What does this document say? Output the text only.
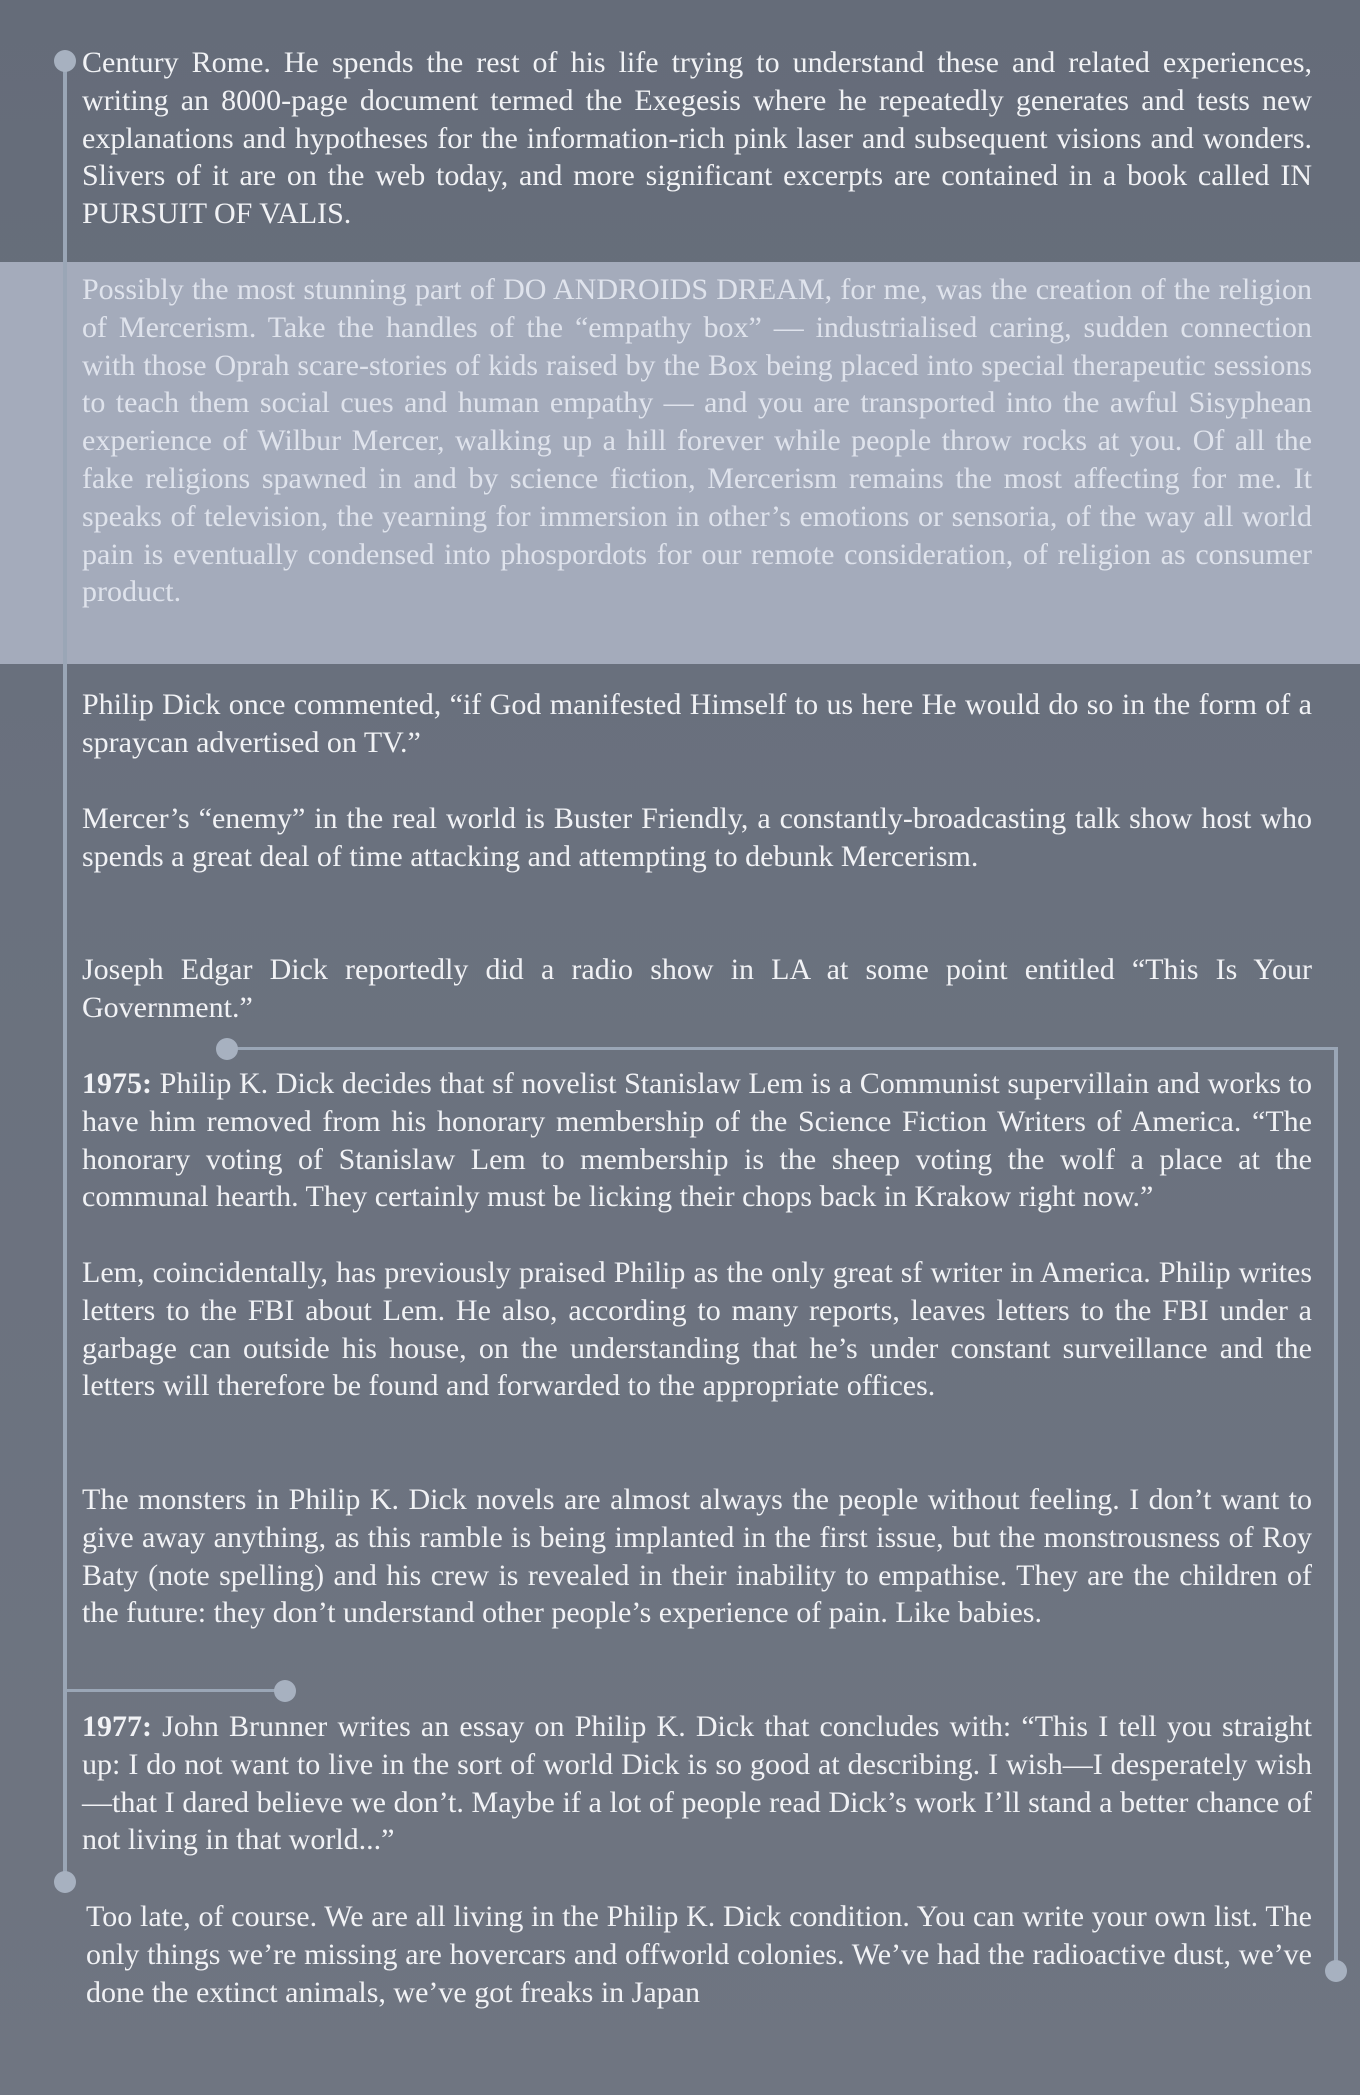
Century Rome. He spends the rest of his life trying to understand these and related experiences, writing an 8000-page document termed the Exegesis where he repeatedly generates and tests new explanations and hypotheses for the information-rich pink laser and subsequent visions and wonders. Slivers of it are on the web today, and more significant excerpts are contained in a book called IN PURSUIT OF VALIS.

Possibly the most stunning part of DO ANDROIDS DREAM, for me, was the creation of the religion of Mercerism. Take the handles of the “empathy box” — industrialised caring, sudden connection with those Oprah scare-stories of kids raised by the Box being placed into special therapeutic sessions to teach them social cues and human empathy — and you are transported into the awful Sisyphean experience of Wilbur Mercer, walking up a hill forever while people throw rocks at you. Of all the fake religions spawned in and by science fiction, Mercerism remains the most affecting for me. It speaks of television, the yearning for immersion in other’s emotions or sensoria, of the way all world pain is eventually condensed into phospordots for our remote consideration, of religion as consumer product.

Philip Dick once commented, “if God manifested Himself to us here He would do so in the form of a spraycan advertised on TV.”

Mercer’s “enemy” in the real world is Buster Friendly, a constantly-broadcasting talk show host who spends a great deal of time attacking and attempting to debunk Mercerism.

Joseph Edgar Dick reportedly did a radio show in LA at some point entitled “This Is Your Government.”

1975: Philip K. Dick decides that sf novelist Stanislaw Lem is a Communist supervillain and works to have him removed from his honorary membership of the Science Fiction Writers of America. “The honorary voting of Stanislaw Lem to membership is the sheep voting the wolf a place at the communal hearth. They certainly must be licking their chops back in Krakow right now.”

Lem, coincidentally, has previously praised Philip as the only great sf writer in America. Philip writes letters to the FBI about Lem. He also, according to many reports, leaves letters to the FBI under a garbage can outside his house, on the understanding that he’s under constant surveillance and the letters will therefore be found and forwarded to the appropriate offices.

The monsters in Philip K. Dick novels are almost always the people without feeling. I don’t want to give away anything, as this ramble is being implanted in the first issue, but the monstrousness of Roy Baty (note spelling) and his crew is revealed in their inability to empathise. They are the children of the future: they don’t understand other people’s experience of pain. Like babies.

1977: John Brunner writes an essay on Philip K. Dick that concludes with: “This I tell you straight up: I do not want to live in the sort of world Dick is so good at describing. I wish—I desperately wish—that I dared believe we don’t. Maybe if a lot of people read Dick’s work I’ll stand a better chance of not living in that world...”

Too late, of course. We are all living in the Philip K. Dick condition. You can write your own list. The only things we’re missing are hovercars and offworld colonies. We’ve had the radioactive dust, we’ve done the extinct animals, we’ve got freaks in Japan
